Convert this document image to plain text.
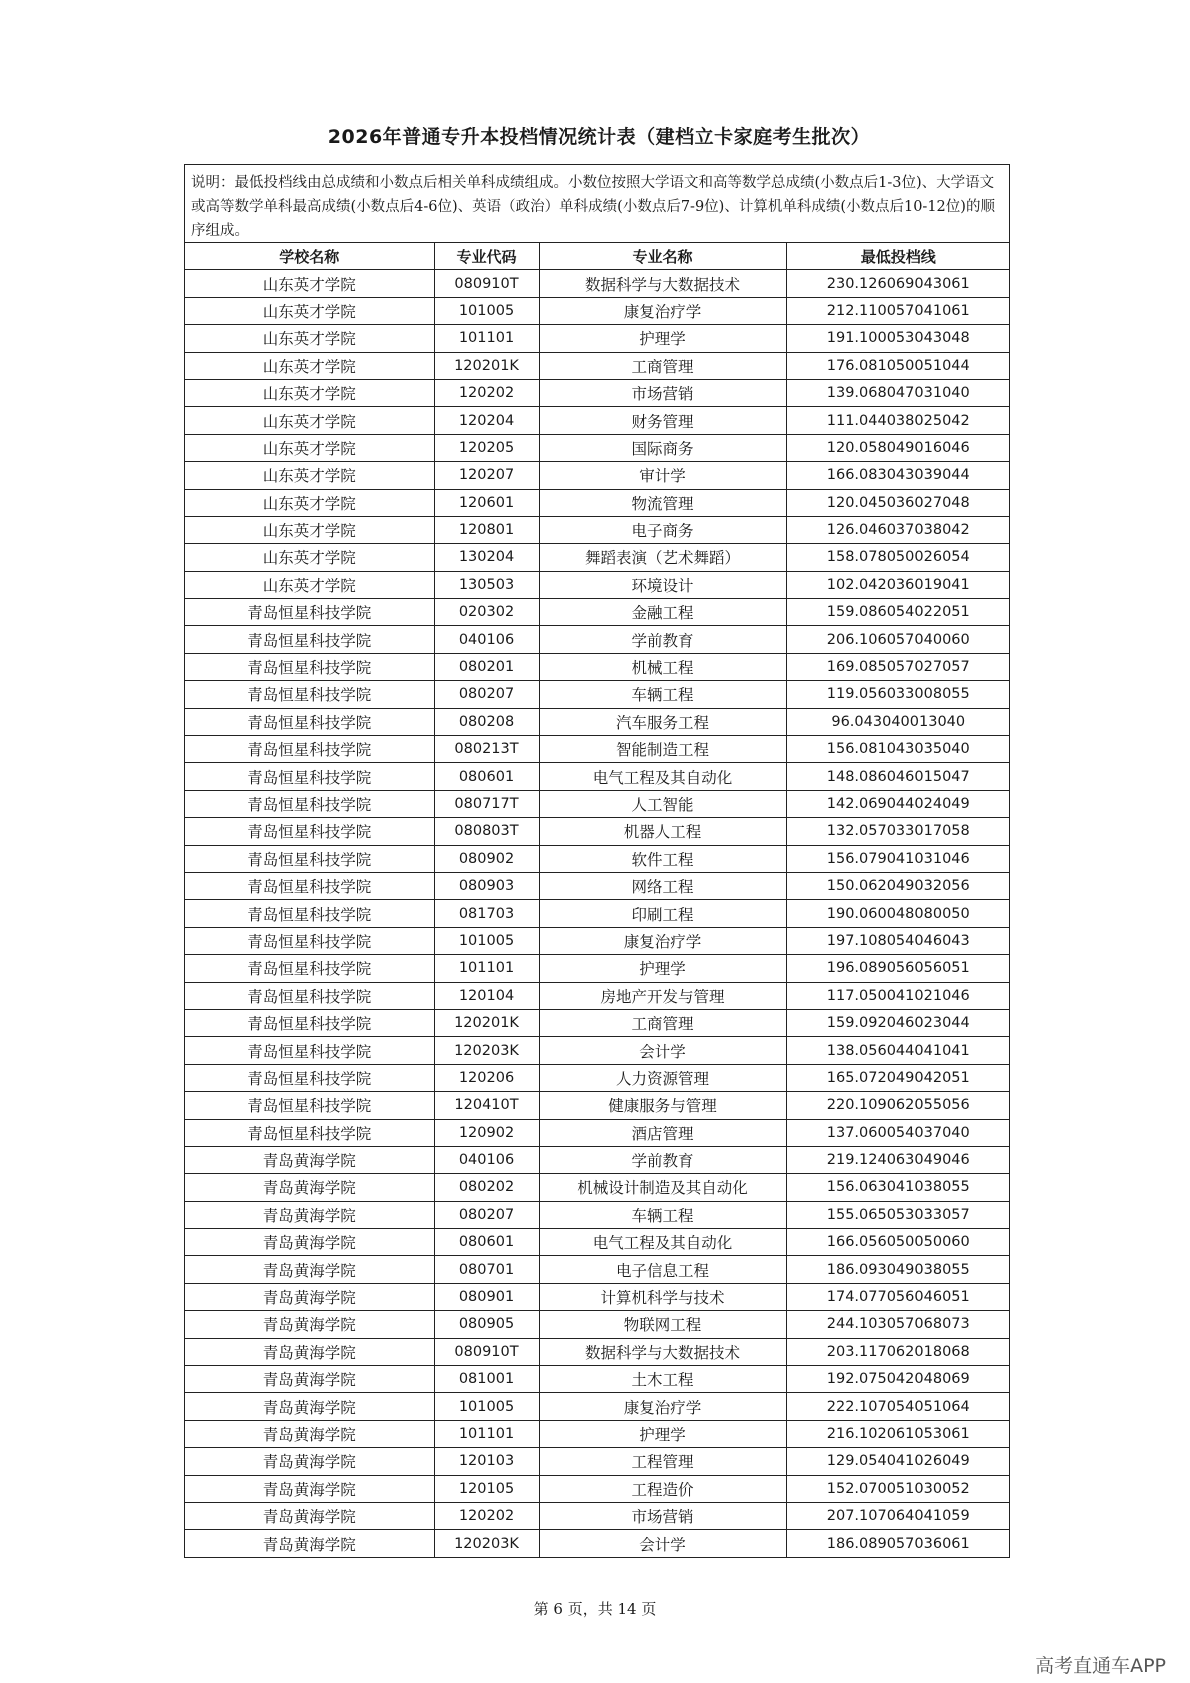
2026年普通专升本投档情况统计表（建档立卡家庭考生批次）
说明：最低投档线由总成绩和小数点后相关单科成绩组成。小数位按照大学语文和高等数学总成绩(小数点后1-3位)、大学语文或高等数学单科最高成绩(小数点后4-6位)、英语（政治）单科成绩(小数点后7-9位)、计算机单科成绩(小数点后10-12位)的顺序组成。
学校名称	专业代码	专业名称	最低投档线
山东英才学院	080910T	数据科学与大数据技术	230.126069043061
山东英才学院	101005	康复治疗学	212.110057041061
山东英才学院	101101	护理学	191.100053043048
山东英才学院	120201K	工商管理	176.081050051044
山东英才学院	120202	市场营销	139.068047031040
山东英才学院	120204	财务管理	111.044038025042
山东英才学院	120205	国际商务	120.058049016046
山东英才学院	120207	审计学	166.083043039044
山东英才学院	120601	物流管理	120.045036027048
山东英才学院	120801	电子商务	126.046037038042
山东英才学院	130204	舞蹈表演（艺术舞蹈）	158.078050026054
山东英才学院	130503	环境设计	102.042036019041
青岛恒星科技学院	020302	金融工程	159.086054022051
青岛恒星科技学院	040106	学前教育	206.106057040060
青岛恒星科技学院	080201	机械工程	169.085057027057
青岛恒星科技学院	080207	车辆工程	119.056033008055
青岛恒星科技学院	080208	汽车服务工程	96.043040013040
青岛恒星科技学院	080213T	智能制造工程	156.081043035040
青岛恒星科技学院	080601	电气工程及其自动化	148.086046015047
青岛恒星科技学院	080717T	人工智能	142.069044024049
青岛恒星科技学院	080803T	机器人工程	132.057033017058
青岛恒星科技学院	080902	软件工程	156.079041031046
青岛恒星科技学院	080903	网络工程	150.062049032056
青岛恒星科技学院	081703	印刷工程	190.060048080050
青岛恒星科技学院	101005	康复治疗学	197.108054046043
青岛恒星科技学院	101101	护理学	196.089056056051
青岛恒星科技学院	120104	房地产开发与管理	117.050041021046
青岛恒星科技学院	120201K	工商管理	159.092046023044
青岛恒星科技学院	120203K	会计学	138.056044041041
青岛恒星科技学院	120206	人力资源管理	165.072049042051
青岛恒星科技学院	120410T	健康服务与管理	220.109062055056
青岛恒星科技学院	120902	酒店管理	137.060054037040
青岛黄海学院	040106	学前教育	219.124063049046
青岛黄海学院	080202	机械设计制造及其自动化	156.063041038055
青岛黄海学院	080207	车辆工程	155.065053033057
青岛黄海学院	080601	电气工程及其自动化	166.056050050060
青岛黄海学院	080701	电子信息工程	186.093049038055
青岛黄海学院	080901	计算机科学与技术	174.077056046051
青岛黄海学院	080905	物联网工程	244.103057068073
青岛黄海学院	080910T	数据科学与大数据技术	203.117062018068
青岛黄海学院	081001	土木工程	192.075042048069
青岛黄海学院	101005	康复治疗学	222.107054051064
青岛黄海学院	101101	护理学	216.102061053061
青岛黄海学院	120103	工程管理	129.054041026049
青岛黄海学院	120105	工程造价	152.070051030052
青岛黄海学院	120202	市场营销	207.107064041059
青岛黄海学院	120203K	会计学	186.089057036061
第 6 页，共 14 页
高考直通车APP
